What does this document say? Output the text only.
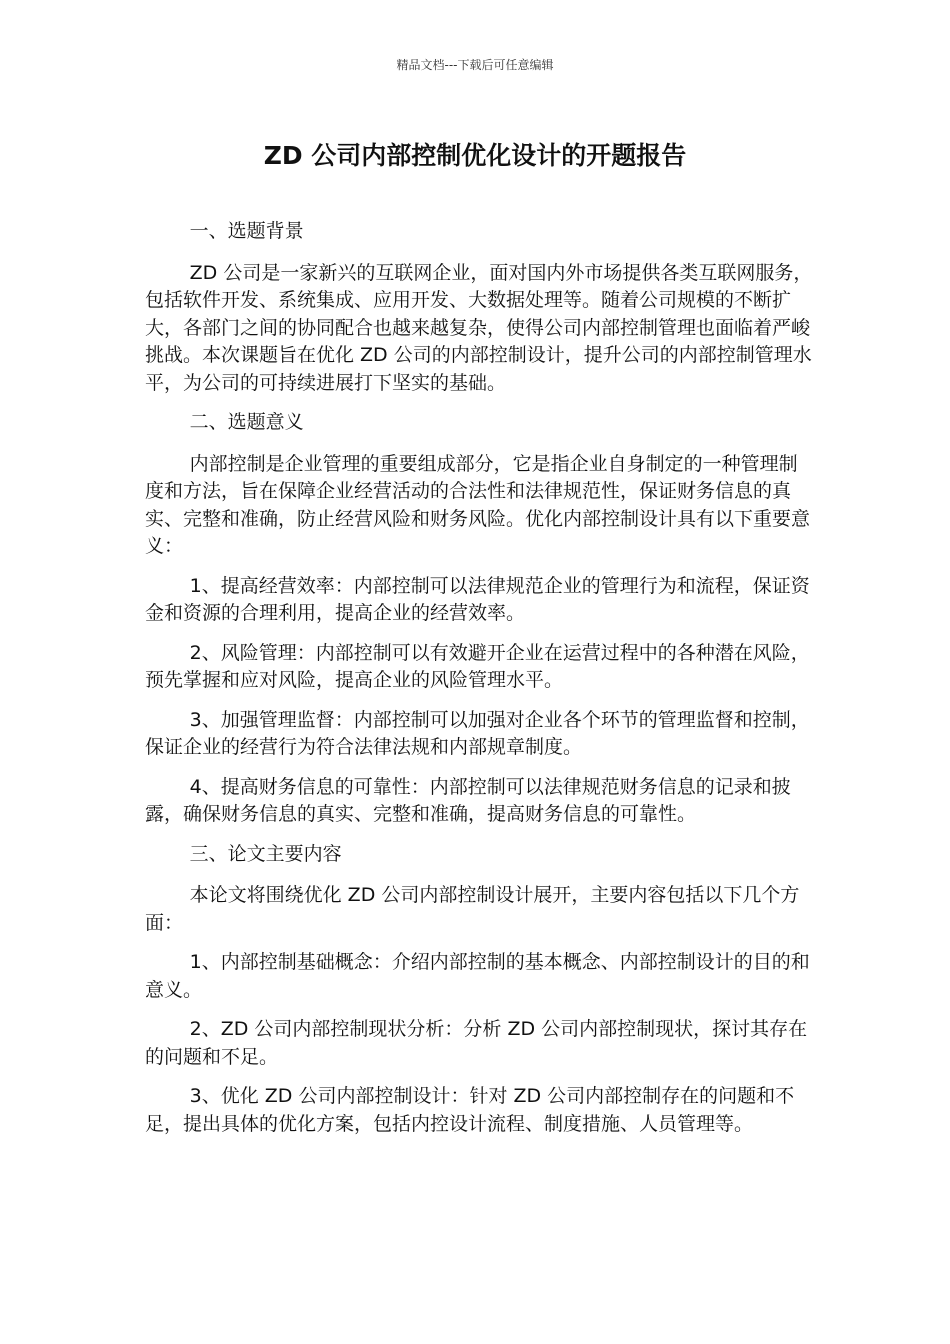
精品文档---下载后可任意编辑
ZD 公司内部控制优化设计的开题报告

一、选题背景

ZD 公司是一家新兴的互联网企业，面对国内外市场提供各类互联网服务，包括软件开发、系统集成、应用开发、大数据处理等。随着公司规模的不断扩大，各部门之间的协同配合也越来越复杂，使得公司内部控制管理也面临着严峻挑战。本次课题旨在优化 ZD 公司的内部控制设计，提升公司的内部控制管理水平，为公司的可持续进展打下坚实的基础。

二、选题意义

内部控制是企业管理的重要组成部分，它是指企业自身制定的一种管理制度和方法，旨在保障企业经营活动的合法性和法律规范性，保证财务信息的真实、完整和准确，防止经营风险和财务风险。优化内部控制设计具有以下重要意义：

1、提高经营效率：内部控制可以法律规范企业的管理行为和流程，保证资金和资源的合理利用，提高企业的经营效率。

2、风险管理：内部控制可以有效避开企业在运营过程中的各种潜在风险，预先掌握和应对风险，提高企业的风险管理水平。

3、加强管理监督：内部控制可以加强对企业各个环节的管理监督和控制，保证企业的经营行为符合法律法规和内部规章制度。

4、提高财务信息的可靠性：内部控制可以法律规范财务信息的记录和披露，确保财务信息的真实、完整和准确，提高财务信息的可靠性。

三、论文主要内容

本论文将围绕优化 ZD 公司内部控制设计展开，主要内容包括以下几个方面：

1、内部控制基础概念：介绍内部控制的基本概念、内部控制设计的目的和意义。

2、ZD 公司内部控制现状分析：分析 ZD 公司内部控制现状，探讨其存在的问题和不足。

3、优化 ZD 公司内部控制设计：针对 ZD 公司内部控制存在的问题和不足，提出具体的优化方案，包括内控设计流程、制度措施、人员管理等。
